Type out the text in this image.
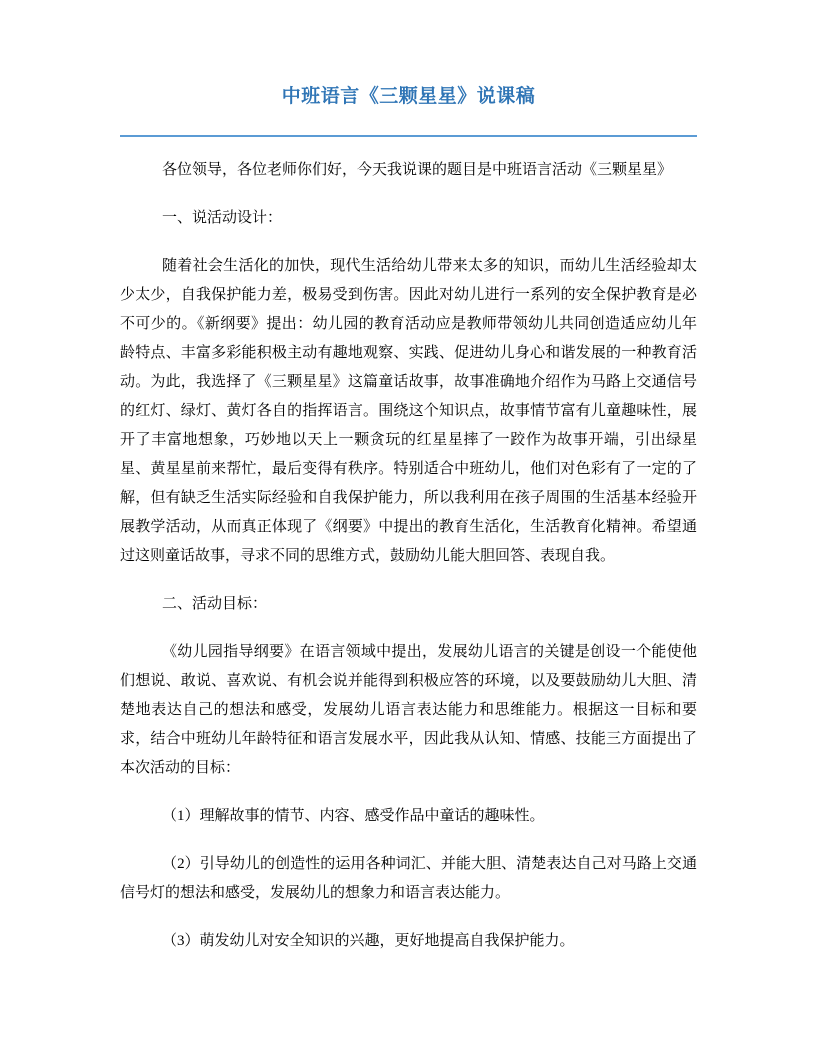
中班语言《三颗星星》说课稿

各位领导，各位老师你们好，今天我说课的题目是中班语言活动《三颗星星》

一、说活动设计：

随着社会生活化的加快，现代生活给幼儿带来太多的知识，而幼儿生活经验却太少太少，自我保护能力差，极易受到伤害。因此对幼儿进行一系列的安全保护教育是必不可少的。《新纲要》提出：幼儿园的教育活动应是教师带领幼儿共同创造适应幼儿年龄特点、丰富多彩能积极主动有趣地观察、实践、促进幼儿身心和谐发展的一种教育活动。为此，我选择了《三颗星星》这篇童话故事，故事准确地介绍作为马路上交通信号的红灯、绿灯、黄灯各自的指挥语言。围绕这个知识点，故事情节富有儿童趣味性，展开了丰富地想象，巧妙地以天上一颗贪玩的红星星摔了一跤作为故事开端，引出绿星星、黄星星前来帮忙，最后变得有秩序。特别适合中班幼儿，他们对色彩有了一定的了解，但有缺乏生活实际经验和自我保护能力，所以我利用在孩子周围的生活基本经验开展教学活动，从而真正体现了《纲要》中提出的教育生活化，生活教育化精神。希望通过这则童话故事，寻求不同的思维方式，鼓励幼儿能大胆回答、表现自我。

二、活动目标：

《幼儿园指导纲要》在语言领域中提出，发展幼儿语言的关键是创设一个能使他们想说、敢说、喜欢说、有机会说并能得到积极应答的环境，以及要鼓励幼儿大胆、清楚地表达自己的想法和感受，发展幼儿语言表达能力和思维能力。根据这一目标和要求，结合中班幼儿年龄特征和语言发展水平，因此我从认知、情感、技能三方面提出了本次活动的目标：

（1）理解故事的情节、内容、感受作品中童话的趣味性。

（2）引导幼儿的创造性的运用各种词汇、并能大胆、清楚表达自己对马路上交通信号灯的想法和感受，发展幼儿的想象力和语言表达能力。

（3）萌发幼儿对安全知识的兴趣，更好地提高自我保护能力。
